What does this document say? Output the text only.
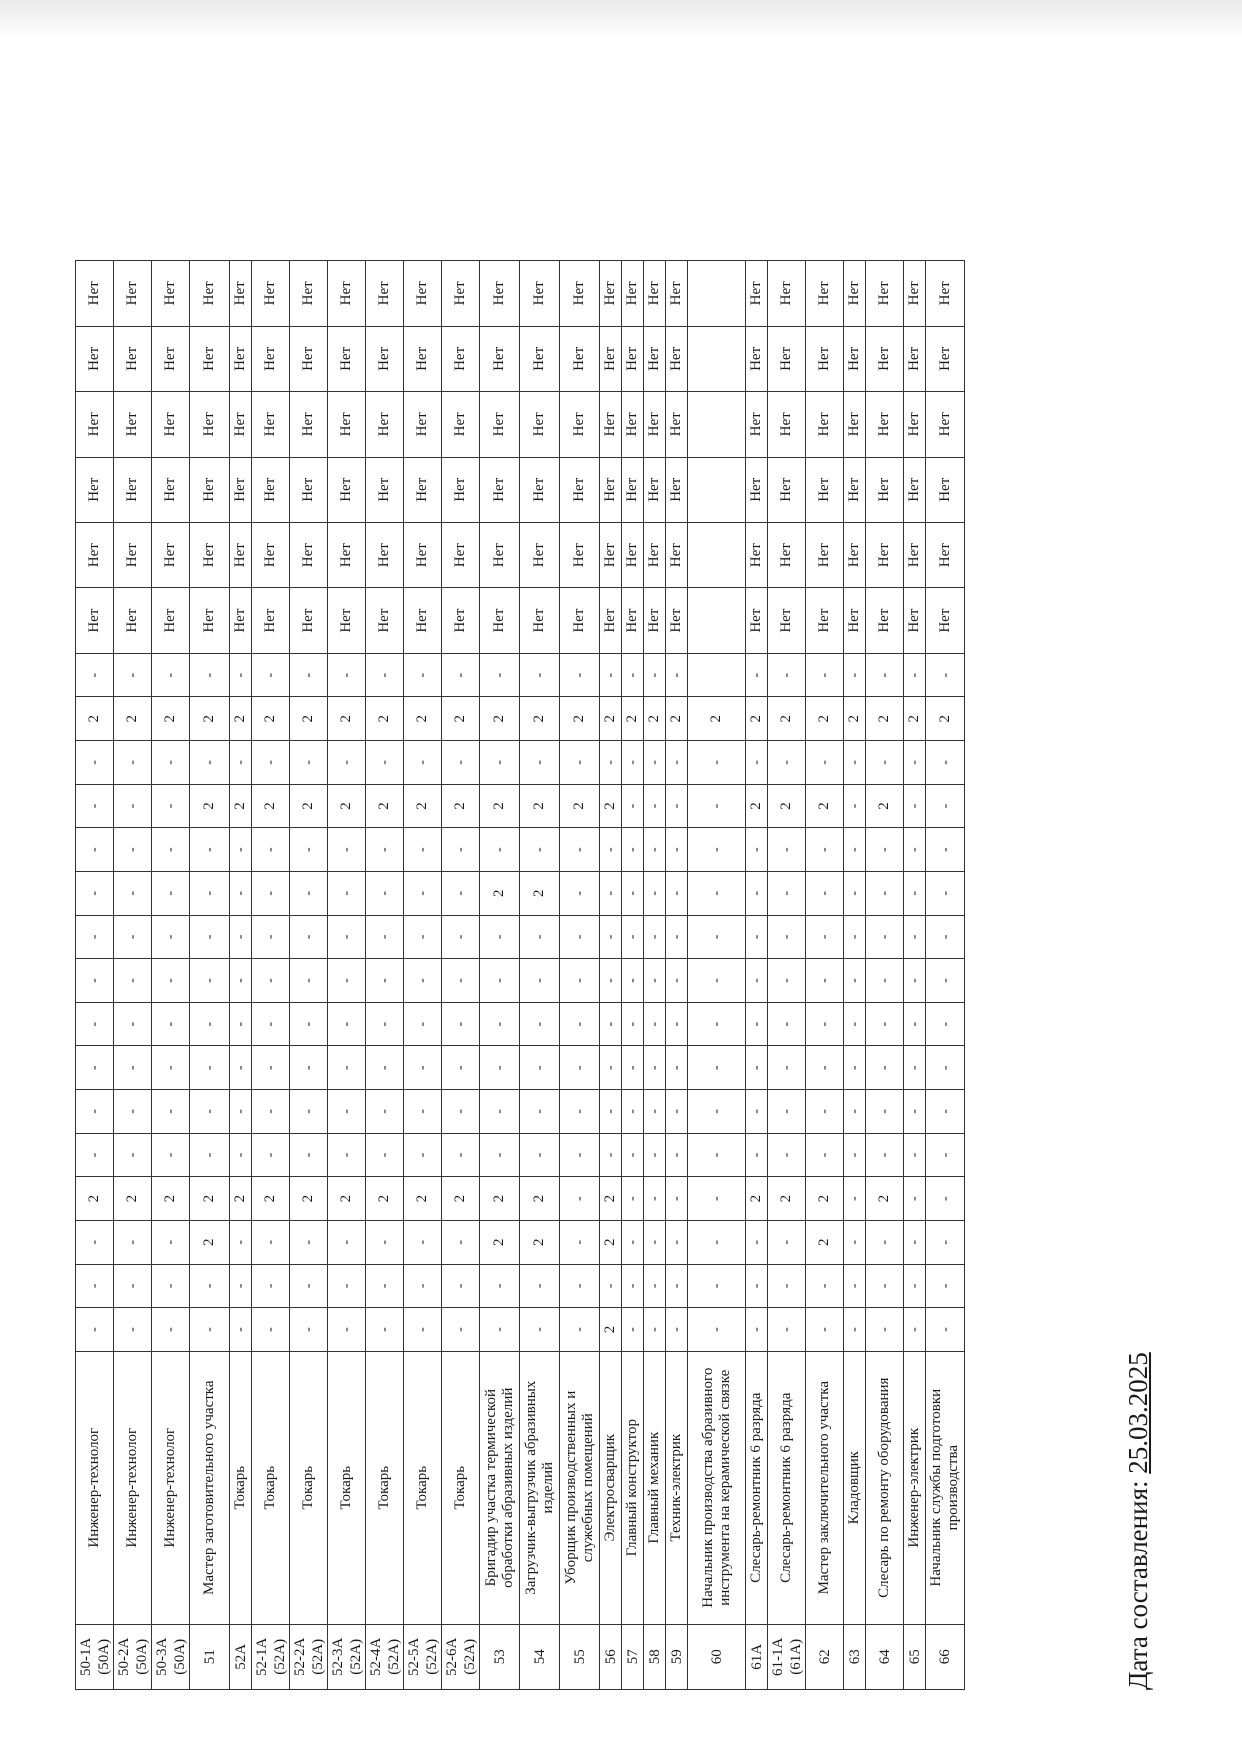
50-1А (50А)	Инженер-технолог	-	-	-	2	-	-	-	-	-	-	-	-	-	-	2	-	Нет	Нет	Нет	Нет	Нет	Нет
50-2А (50А)	Инженер-технолог	-	-	-	2	-	-	-	-	-	-	-	-	-	-	2	-	Нет	Нет	Нет	Нет	Нет	Нет
50-3А (50А)	Инженер-технолог	-	-	-	2	-	-	-	-	-	-	-	-	-	-	2	-	Нет	Нет	Нет	Нет	Нет	Нет
51	Мастер заготовительного участка	-	-	2	2	-	-	-	-	-	-	-	-	2	-	2	-	Нет	Нет	Нет	Нет	Нет	Нет
52А	Токарь	-	-	-	2	-	-	-	-	-	-	-	-	2	-	2	-	Нет	Нет	Нет	Нет	Нет	Нет
52-1А (52А)	Токарь	-	-	-	2	-	-	-	-	-	-	-	-	2	-	2	-	Нет	Нет	Нет	Нет	Нет	Нет
52-2А (52А)	Токарь	-	-	-	2	-	-	-	-	-	-	-	-	2	-	2	-	Нет	Нет	Нет	Нет	Нет	Нет
52-3А (52А)	Токарь	-	-	-	2	-	-	-	-	-	-	-	-	2	-	2	-	Нет	Нет	Нет	Нет	Нет	Нет
52-4А (52А)	Токарь	-	-	-	2	-	-	-	-	-	-	-	-	2	-	2	-	Нет	Нет	Нет	Нет	Нет	Нет
52-5А (52А)	Токарь	-	-	-	2	-	-	-	-	-	-	-	-	2	-	2	-	Нет	Нет	Нет	Нет	Нет	Нет
52-6А (52А)	Токарь	-	-	-	2	-	-	-	-	-	-	-	-	2	-	2	-	Нет	Нет	Нет	Нет	Нет	Нет
53	Бригадир участка термической обработки абразивных изделий	-	-	2	2	-	-	-	-	-	-	2	-	2	-	2	-	Нет	Нет	Нет	Нет	Нет	Нет
54	Загрузчик-выгрузчик абразивных изделий	-	-	2	2	-	-	-	-	-	-	2	-	2	-	2	-	Нет	Нет	Нет	Нет	Нет	Нет
55	Уборщик производственных и служебных помещений	-	-	-	-	-	-	-	-	-	-	-	-	2	-	2	-	Нет	Нет	Нет	Нет	Нет	Нет
56	Электросварщик	2	-	2	2	-	-	-	-	-	-	-	-	2	-	2	-	Нет	Нет	Нет	Нет	Нет	Нет
57	Главный конструктор	-	-	-	-	-	-	-	-	-	-	-	-	-	-	2	-	Нет	Нет	Нет	Нет	Нет	Нет
58	Главный механик	-	-	-	-	-	-	-	-	-	-	-	-	-	-	2	-	Нет	Нет	Нет	Нет	Нет	Нет
59	Техник-электрик	-	-	-	-	-	-	-	-	-	-	-	-	-	-	2	-	Нет	Нет	Нет	Нет	Нет	Нет
60	Начальник производства абразивного инструмента на керамической связке	-	-	-	-	-	-	-	-	-	-	-	-	-	-	2							
61А	Слесарь-ремонтник 6 разряда	-	-	-	2	-	-	-	-	-	-	-	-	2	-	2	-	Нет	Нет	Нет	Нет	Нет	Нет
61-1А (61А)	Слесарь-ремонтник 6 разряда	-	-	-	2	-	-	-	-	-	-	-	-	2	-	2	-	Нет	Нет	Нет	Нет	Нет	Нет
62	Мастер заключительного участка	-	-	2	2	-	-	-	-	-	-	-	-	2	-	2	-	Нет	Нет	Нет	Нет	Нет	Нет
63	Кладовщик	-	-	-	-	-	-	-	-	-	-	-	-	-	-	2	-	Нет	Нет	Нет	Нет	Нет	Нет
64	Слесарь по ремонту оборудования	-	-	-	2	-	-	-	-	-	-	-	-	2	-	2	-	Нет	Нет	Нет	Нет	Нет	Нет
65	Инженер-электрик	-	-	-	-	-	-	-	-	-	-	-	-	-	-	2	-	Нет	Нет	Нет	Нет	Нет	Нет
66	Начальник службы подготовки производства	-	-	-	-	-	-	-	-	-	-	-	-	-	-	2	-	Нет	Нет	Нет	Нет	Нет	Нет
Дата составления: 25.03.2025
